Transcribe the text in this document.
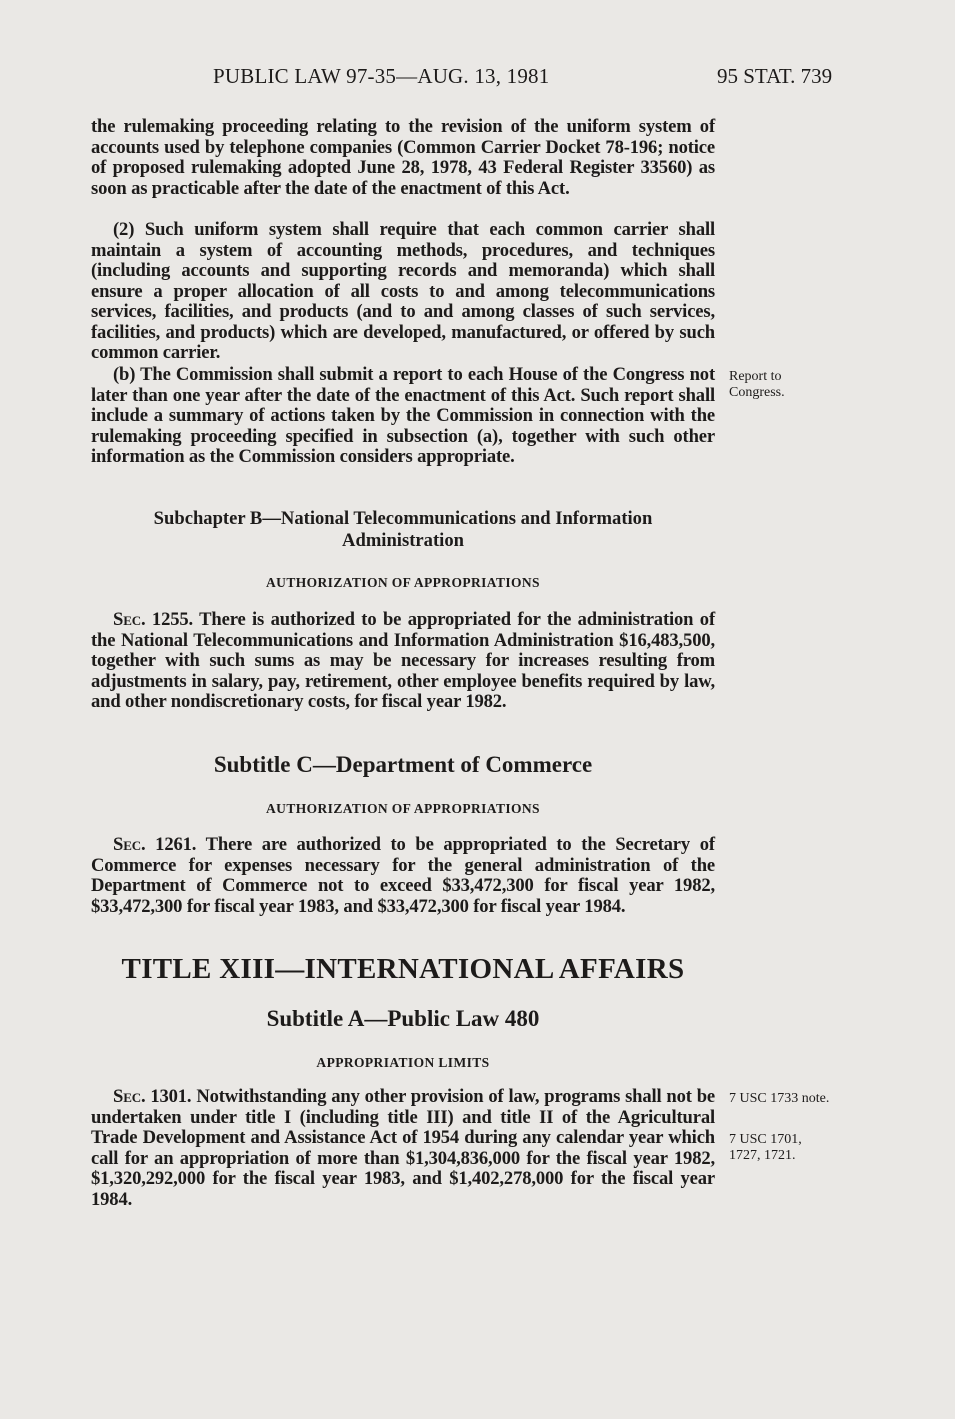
PUBLIC LAW 97-35—AUG. 13, 1981	95 STAT. 739

the rulemaking proceeding relating to the revision of the uniform system of accounts used by telephone companies (Common Carrier Docket 78-196; notice of proposed rulemaking adopted June 28, 1978, 43 Federal Register 33560) as soon as practicable after the date of the enactment of this Act.

(2) Such uniform system shall require that each common carrier shall maintain a system of accounting methods, procedures, and techniques (including accounts and supporting records and memoranda) which shall ensure a proper allocation of all costs to and among telecommunications services, facilities, and products (and to and among classes of such services, facilities, and products) which are developed, manufactured, or offered by such common carrier.

(b) The Commission shall submit a report to each House of the Congress not later than one year after the date of the enactment of this Act. Such report shall include a summary of actions taken by the Commission in connection with the rulemaking proceeding specified in subsection (a), together with such other information as the Commission considers appropriate.

Report to
Congress.

Subchapter B—National Telecommunications and Information

Administration

AUTHORIZATION OF APPROPRIATIONS

Sec. 1255. There is authorized to be appropriated for the administration of the National Telecommunications and Information Administration $16,483,500, together with such sums as may be necessary for increases resulting from adjustments in salary, pay, retirement, other employee benefits required by law, and other nondiscretionary costs, for fiscal year 1982.

Subtitle C—Department of Commerce

AUTHORIZATION OF APPROPRIATIONS

Sec. 1261. There are authorized to be appropriated to the Secretary of Commerce for expenses necessary for the general administration of the Department of Commerce not to exceed $33,472,300 for fiscal year 1982, $33,472,300 for fiscal year 1983, and $33,472,300 for fiscal year 1984.

TITLE XIII—INTERNATIONAL AFFAIRS

Subtitle A—Public Law 480

APPROPRIATION LIMITS

Sec. 1301. Notwithstanding any other provision of law, programs shall not be undertaken under title I (including title III) and title II of the Agricultural Trade Development and Assistance Act of 1954 during any calendar year which call for an appropriation of more than $1,304,836,000 for the fiscal year 1982, $1,320,292,000 for the fiscal year 1983, and $1,402,278,000 for the fiscal year 1984.

7 USC 1733 note.
7 USC 1701,
1727, 1721.
